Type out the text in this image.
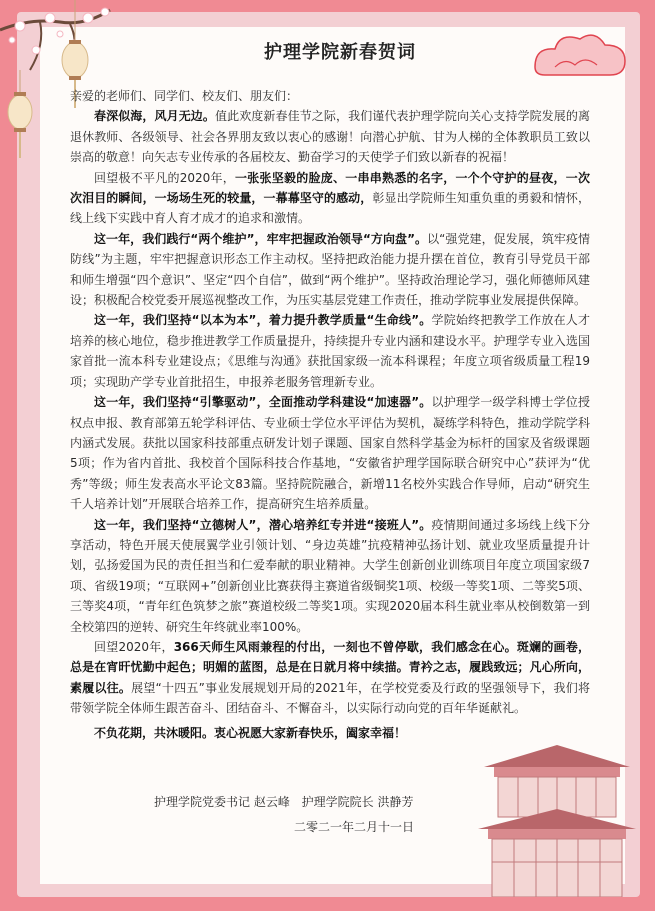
护理学院新春贺词

亲爱的老师们、同学们、校友们、朋友们：

春深似海，风月无边。值此欢度新春佳节之际，我们谨代表护理学院向关心支持学院发展的离退休教师、各级领导、社会各界朋友致以衷心的感谢！向潜心护航、甘为人梯的全体教职员工致以崇高的敬意！向矢志专业传承的各届校友、勤奋学习的天使学子们致以新春的祝福！

回望极不平凡的2020年，一张张坚毅的脸庞、一串串熟悉的名字，一个个守护的昼夜，一次次泪目的瞬间，一场场生死的较量，一幕幕坚守的感动，彰显出学院师生知重负重的勇毅和情怀，线上线下实践中育人育才成才的追求和激情。

这一年，我们践行“两个维护”，牢牢把握政治领导“方向盘”。以“强党建，促发展，筑牢疫情防线”为主题，牢牢把握意识形态工作主动权。坚持把政治能力提升摆在首位，教育引导党员干部和师生增强“四个意识”、坚定“四个自信”，做到“两个维护”。坚持政治理论学习，强化师德师风建设；积极配合校党委开展巡视整改工作，为压实基层党建工作责任，推动学院事业发展提供保障。

这一年，我们坚持“以本为本”，着力提升教学质量“生命线”。学院始终把教学工作放在人才培养的核心地位，稳步推进教学工作质量提升，持续提升专业内涵和建设水平。护理学专业入选国家首批一流本科专业建设点；《思维与沟通》获批国家级一流本科课程；年度立项省级质量工程19项；实现助产学专业首批招生，申报养老服务管理新专业。

这一年，我们坚持“引擎驱动”，全面推动学科建设“加速器”。以护理学一级学科博士学位授权点申报、教育部第五轮学科评估、专业硕士学位水平评估为契机，凝练学科特色，推动学院学科内涵式发展。获批以国家科技部重点研发计划子课题、国家自然科学基金为标杆的国家及省级课题5项；作为省内首批、我校首个国际科技合作基地，“安徽省护理学国际联合研究中心”获评为“优秀”等级；师生发表高水平论文83篇。坚持院院融合，新增11名校外实践合作导师，启动“研究生千人培养计划”开展联合培养工作，提高研究生培养质量。

这一年，我们坚持“立德树人”，潜心培养红专并进“接班人”。疫情期间通过多场线上线下分享活动，特色开展天使展翼学业引领计划、“身边英雄”抗疫精神弘扬计划、就业攻坚质量提升计划，弘扬爱国为民的责任担当和仁爱奉献的职业精神。大学生创新创业训练项目年度立项国家级7项、省级19项；“互联网+”创新创业比赛获得主赛道省级铜奖1项、校级一等奖1项、二等奖5项、三等奖4项，“青年红色筑梦之旅”赛道校级二等奖1项。实现2020届本科生就业率从校倒数第一到全校第四的逆转、研究生年终就业率100%。

回望2020年，366天师生风雨兼程的付出，一刻也不曾停歇，我们感念在心。斑斓的画卷，总是在宵旰忧勤中起色；明媚的蓝图，总是在日就月将中续描。青衿之志，履践致远；凡心所向，素履以往。展望“十四五”事业发展规划开局的2021年，在学校党委及行政的坚强领导下，我们将带领学院全体师生跟苦奋斗、团结奋斗、不懈奋斗，以实际行动向党的百年华诞献礼。

不负花期，共沐暖阳。衷心祝愿大家新春快乐，阖家幸福！

护理学院党委书记 赵云峰 护理学院院长 洪静芳
二零二一年二月十一日
